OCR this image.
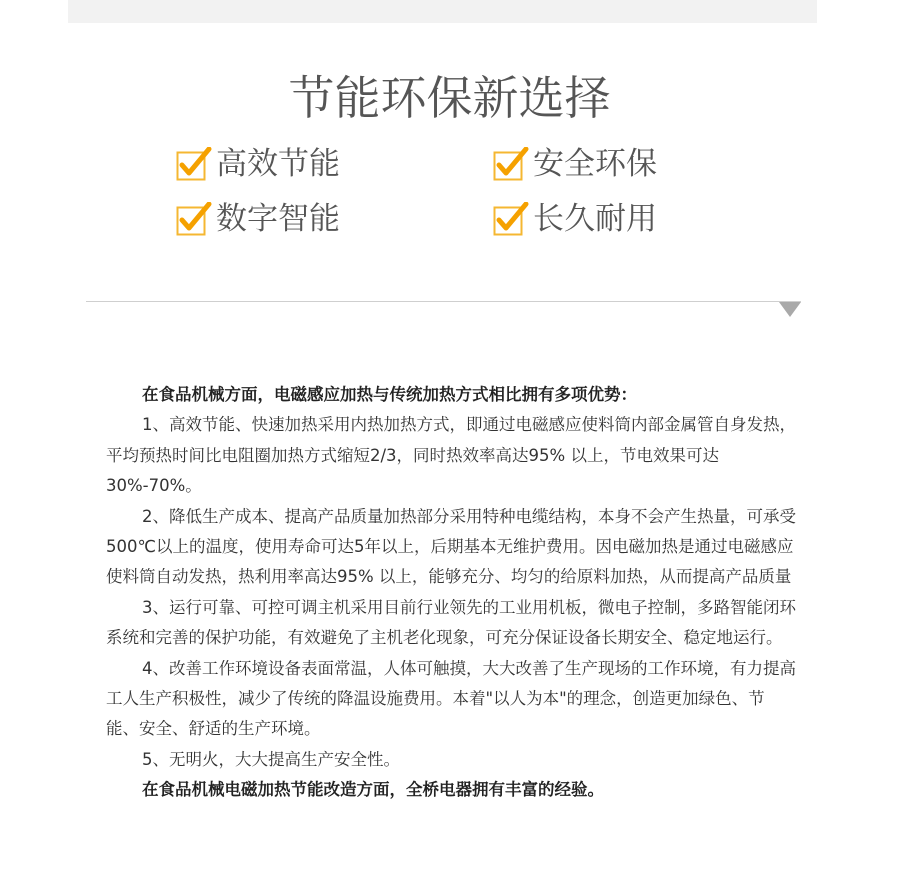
节能环保新选择
高效节能	安全环保
数字智能	长久耐用

在食品机械方面，电磁感应加热与传统加热方式相比拥有多项优势：

1、高效节能、快速加热采用内热加热方式，即通过电磁感应使料筒内部金属管自身发热，平均预热时间比电阻圈加热方式缩短2/3，同时热效率高达95% 以上，节电效果可达30%-70%。

2、降低生产成本、提高产品质量加热部分采用特种电缆结构，本身不会产生热量，可承受500℃以上的温度，使用寿命可达5年以上，后期基本无维护费用。因电磁加热是通过电磁感应使料筒自动发热，热利用率高达95% 以上，能够充分、均匀的给原料加热，从而提高产品质量

3、运行可靠、可控可调主机采用目前行业领先的工业用机板，微电子控制，多路智能闭环系统和完善的保护功能，有效避免了主机老化现象，可充分保证设备长期安全、稳定地运行。

4、改善工作环境设备表面常温，人体可触摸，大大改善了生产现场的工作环境，有力提高工人生产积极性，减少了传统的降温设施费用。本着"以人为本"的理念，创造更加绿色、节能、安全、舒适的生产环境。

5、无明火，大大提高生产安全性。

在食品机械电磁加热节能改造方面，全桥电器拥有丰富的经验。
